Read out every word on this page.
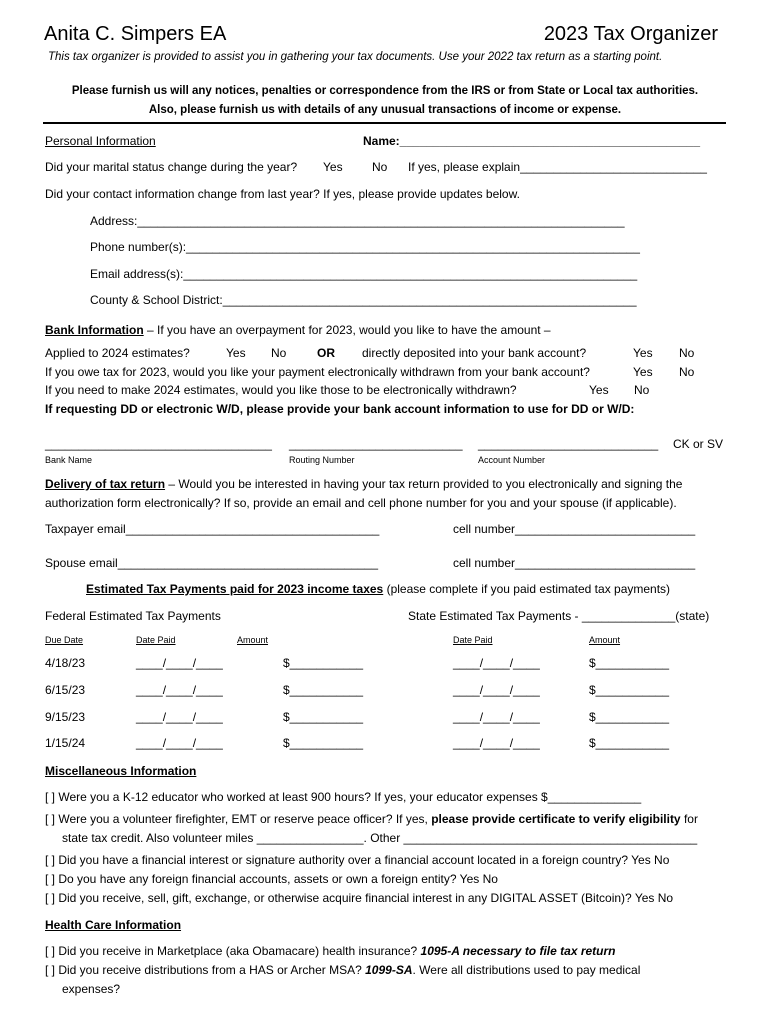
Anita C. Simpers EA	2023 Tax Organizer
This tax organizer is provided to assist you in gathering your tax documents. Use your 2022 tax return as a starting point.
Please furnish us will any notices, penalties or correspondence from the IRS or from State or Local tax authorities.
Also, please furnish us with details of any unusual transactions of income or expense.
Personal Information	Name:_____________________________________________
Did your marital status change during the year? Yes No If yes, please explain____________________________
Did your contact information change from last year? If yes, please provide updates below.
Address:_________________________________________________________________________
Phone number(s):____________________________________________________________________
Email address(s):____________________________________________________________________
County & School District:______________________________________________________________
Bank Information – If you have an overpayment for 2023, would you like to have the amount –
Applied to 2024 estimates?	Yes No	OR directly deposited into your bank account?	Yes No
If you owe tax for 2023, would you like your payment electronically withdrawn from your bank account?	Yes No
If you need to make 2024 estimates, would you like those to be electronically withdrawn?	Yes No
If requesting DD or electronic W/D, please provide your bank account information to use for DD or W/D:
__________________________________ __________________________ ___________________________ CK or SV
Bank Name	Routing Number	Account Number
Delivery of tax return – Would you be interested in having your tax return provided to you electronically and signing the
authorization form electronically? If so, provide an email and cell phone number for you and your spouse (if applicable).
Taxpayer email______________________________________	cell number___________________________
Spouse email_______________________________________	cell number___________________________
Estimated Tax Payments paid for 2023 income taxes (please complete if you paid estimated tax payments)
Federal Estimated Tax Payments	State Estimated Tax Payments - ______________(state)
Due Date	Date Paid	Amount	Date Paid	Amount
4/18/23	____/____/____	$___________	____/____/____	$___________
6/15/23	____/____/____	$___________	____/____/____	$___________
9/15/23	____/____/____	$___________	____/____/____	$___________
1/15/24	____/____/____	$___________	____/____/____	$___________
Miscellaneous Information
[ ] Were you a K-12 educator who worked at least 900 hours? If yes, your educator expenses $______________
[ ] Were you a volunteer firefighter, EMT or reserve peace officer? If yes, please provide certificate to verify eligibility for
state tax credit. Also volunteer miles ________________. Other ____________________________________________
[ ] Did you have a financial interest or signature authority over a financial account located in a foreign country? Yes No
[ ] Do you have any foreign financial accounts, assets or own a foreign entity? Yes No
[ ] Did you receive, sell, gift, exchange, or otherwise acquire financial interest in any DIGITAL ASSET (Bitcoin)? Yes No
Health Care Information
[ ] Did you receive in Marketplace (aka Obamacare) health insurance? 1095-A necessary to file tax return
[ ] Did you receive distributions from a HAS or Archer MSA? 1099-SA. Were all distributions used to pay medical
expenses?
